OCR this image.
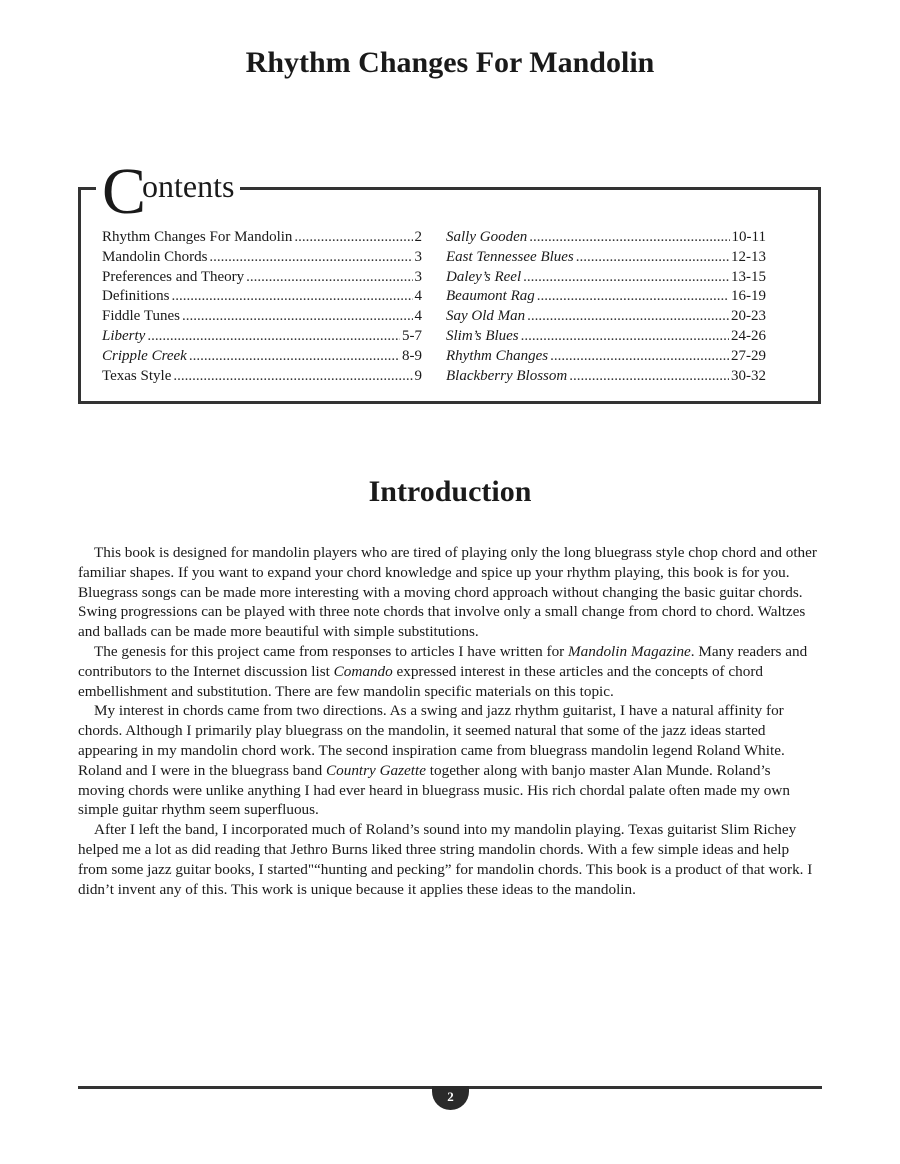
Rhythm Changes For Mandolin
Contents
Rhythm Changes For Mandolin .....	2
Mandolin Chords .....	3
Preferences and Theory .....	3
Definitions .....	4
Fiddle Tunes .....	4
Liberty .....	5-7
Cripple Creek .....	8-9
Texas Style .....	9
Sally Gooden .....	10-11
East Tennessee Blues .....	12-13
Daley’s Reel .....	13-15
Beaumont Rag .....	16-19
Say Old Man .....	20-23
Slim’s Blues .....	24-26
Rhythm Changes .....	27-29
Blackberry Blossom .....	30-32
Introduction

This book is designed for mandolin players who are tired of playing only the long bluegrass style chop chord and other familiar shapes. If you want to expand your chord knowledge and spice up your rhythm playing, this book is for you. Bluegrass songs can be made more interesting with a moving chord approach without changing the basic guitar chords. Swing progressions can be played with three note chords that involve only a small change from chord to chord. Waltzes and ballads can be made more beautiful with simple substitutions.

The genesis for this project came from responses to articles I have written for Mandolin Magazine. Many readers and contributors to the Internet discussion list Comando expressed interest in these articles and the concepts of chord embellishment and substitution. There are few mandolin specific materials on this topic.

My interest in chords came from two directions. As a swing and jazz rhythm guitarist, I have a natural affinity for chords. Although I primarily play bluegrass on the mandolin, it seemed natural that some of the jazz ideas started appearing in my mandolin chord work. The second inspiration came from bluegrass mandolin legend Roland White. Roland and I were in the bluegrass band Country Gazette together along with banjo master Alan Munde. Roland’s moving chords were unlike anything I had ever heard in bluegrass music. His rich chordal palate often made my own simple guitar rhythm seem superfluous.

After I left the band, I incorporated much of Roland’s sound into my mandolin playing. Texas guitarist Slim Richey helped me a lot as did reading that Jethro Burns liked three string mandolin chords. With a few simple ideas and help from some jazz guitar books, I started"“hunting and pecking” for mandolin chords. This book is a product of that work. I didn’t invent any of this. This work is unique because it applies these ideas to the mandolin.

2
